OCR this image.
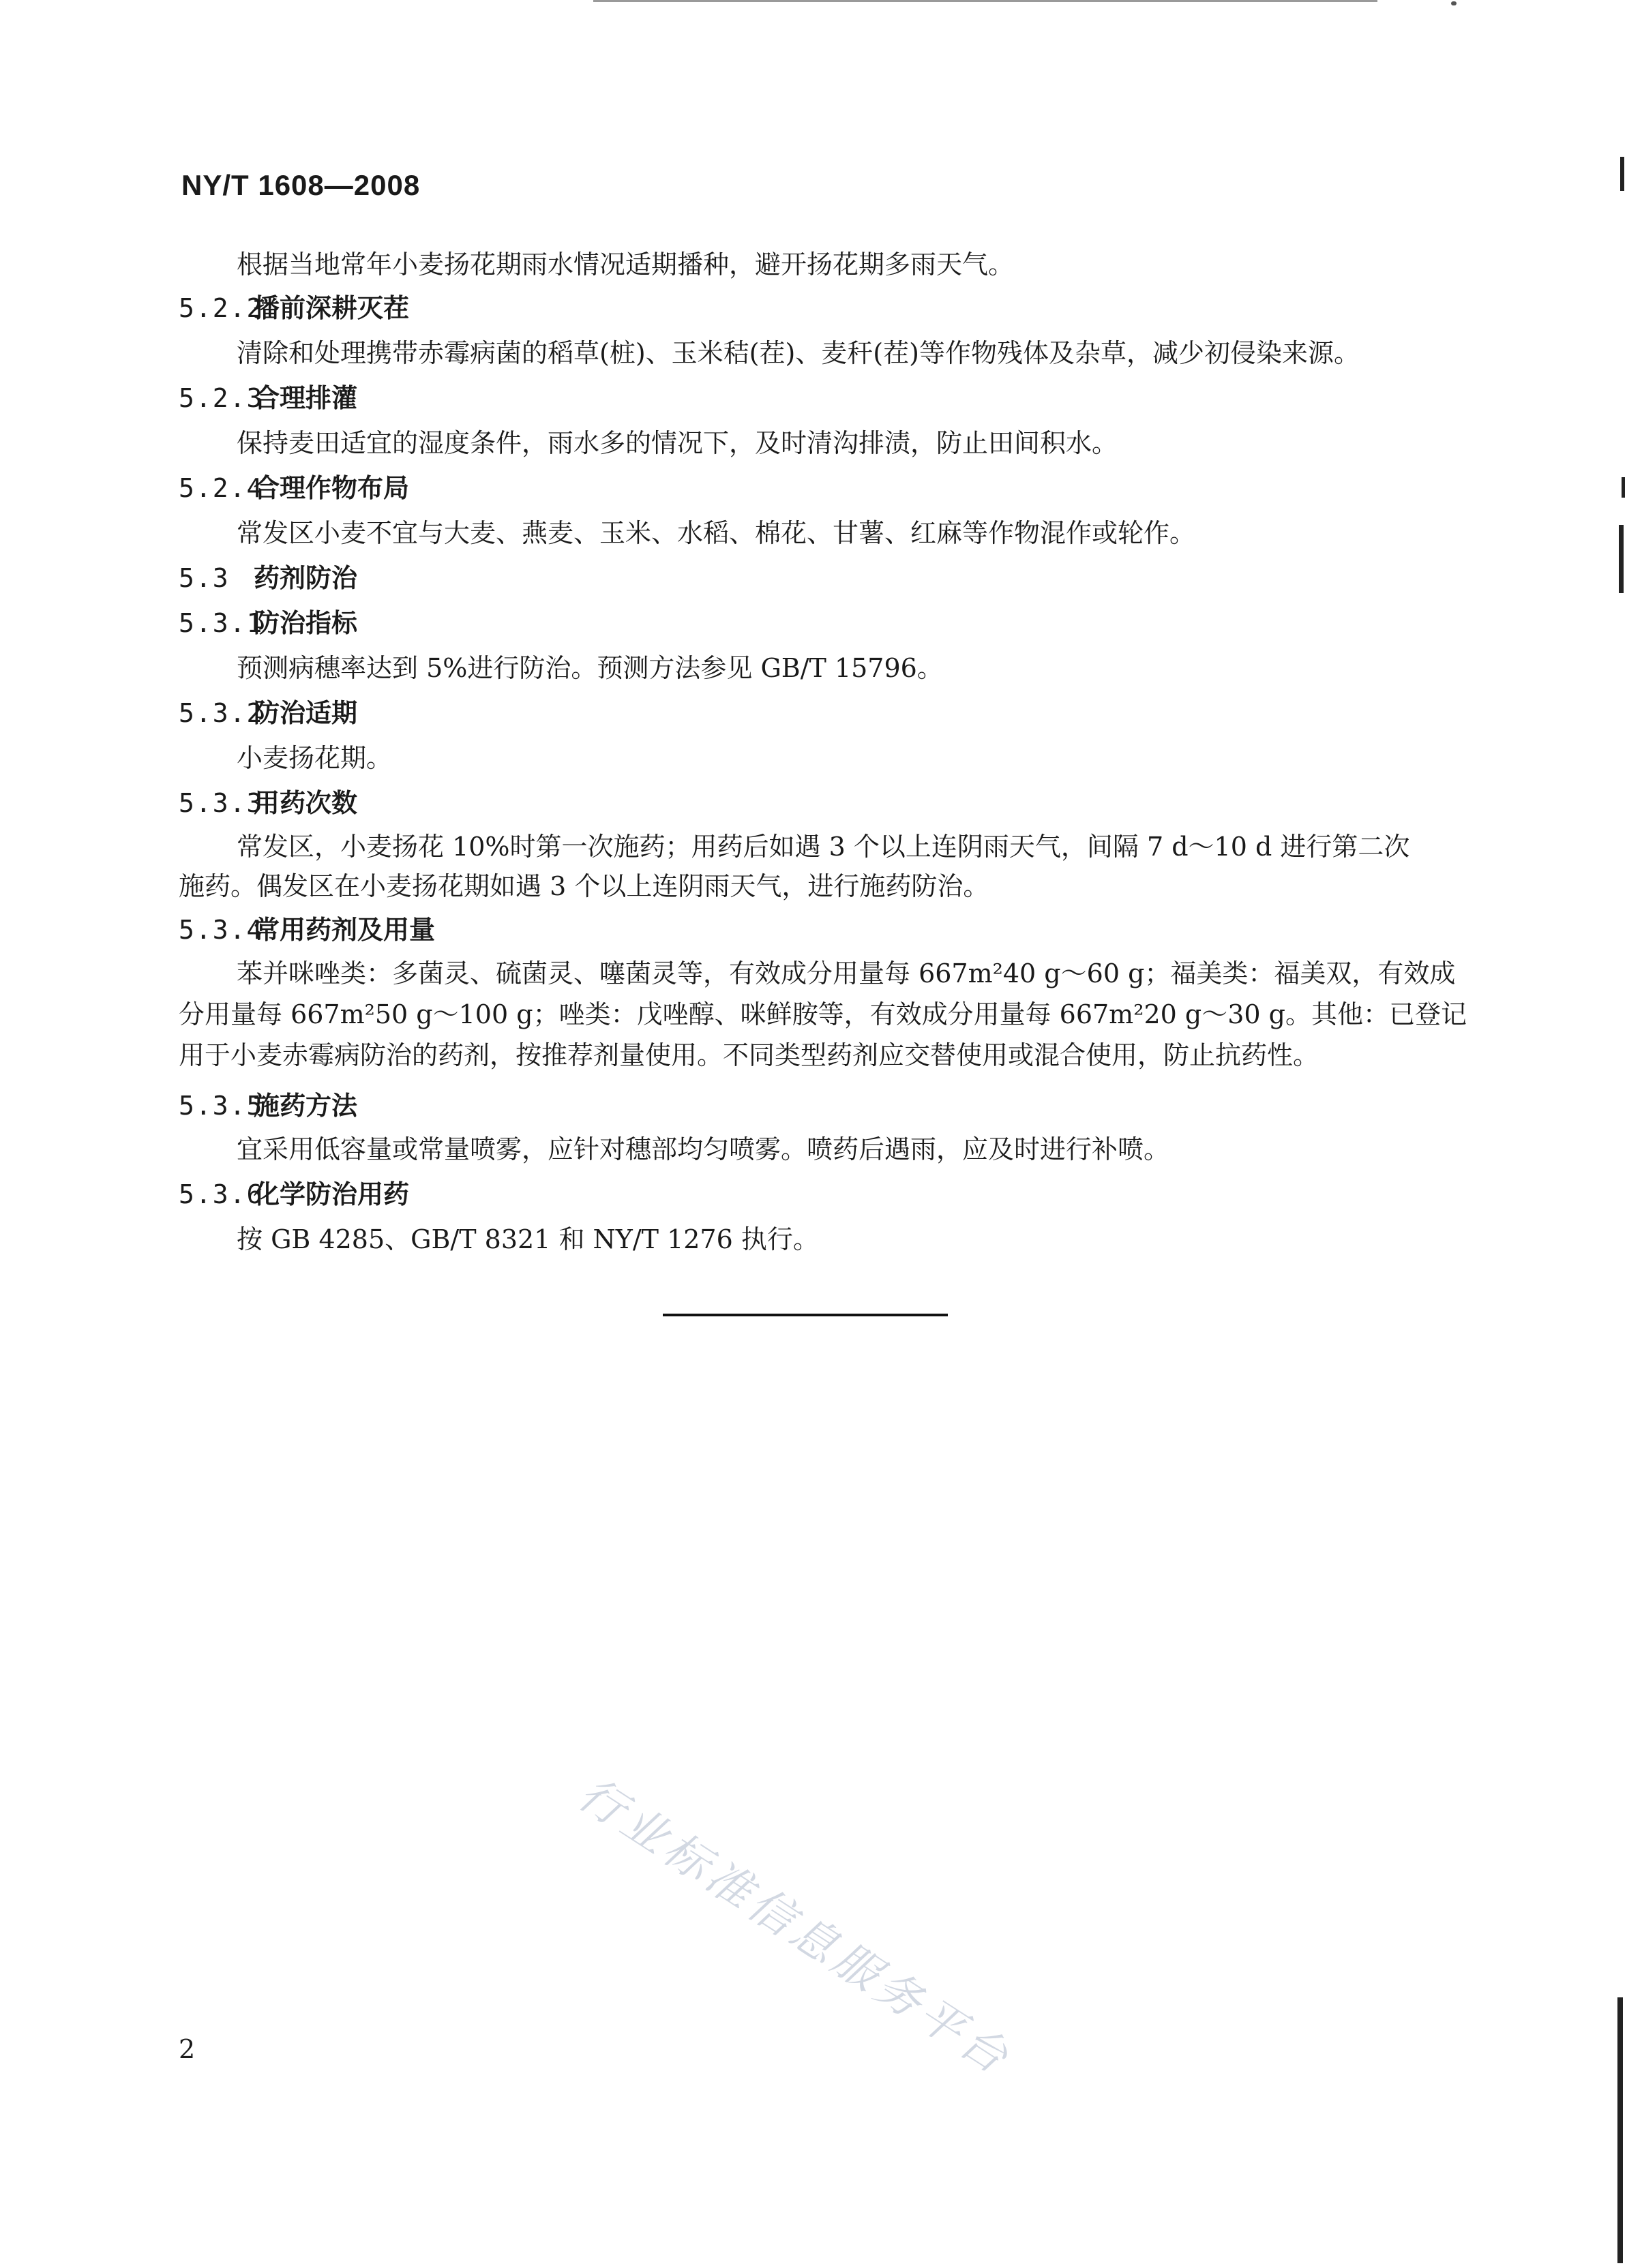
NY/T 1608—2008
根据当地常年小麦扬花期雨水情况适期播种，避开扬花期多雨天气。
5.2.2播前深耕灭茬
清除和处理携带赤霉病菌的稻草(桩)、玉米秸(茬)、麦秆(茬)等作物残体及杂草，减少初侵染来源。
5.2.3合理排灌
保持麦田适宜的湿度条件，雨水多的情况下，及时清沟排渍，防止田间积水。
5.2.4合理作物布局
常发区小麦不宜与大麦、燕麦、玉米、水稻、棉花、甘薯、红麻等作物混作或轮作。
5.3 药剂防治
5.3.1防治指标
预测病穗率达到 5%进行防治。预测方法参见 GB/T 15796。
5.3.2防治适期
小麦扬花期。
5.3.3用药次数
常发区，小麦扬花 10%时第一次施药；用药后如遇 3 个以上连阴雨天气，间隔 7 d～10 d 进行第二次
施药。偶发区在小麦扬花期如遇 3 个以上连阴雨天气，进行施药防治。
5.3.4常用药剂及用量
苯并咪唑类：多菌灵、硫菌灵、噻菌灵等，有效成分用量每 667m²40 g～60 g；福美类：福美双，有效成
分用量每 667m²50 g～100 g；唑类：戊唑醇、咪鲜胺等，有效成分用量每 667m²20 g～30 g。其他：已登记
用于小麦赤霉病防治的药剂，按推荐剂量使用。不同类型药剂应交替使用或混合使用，防止抗药性。
5.3.5施药方法
宜采用低容量或常量喷雾，应针对穗部均匀喷雾。喷药后遇雨，应及时进行补喷。
5.3.6化学防治用药
按 GB 4285、GB/T 8321 和 NY/T 1276 执行。
行业标准信息服务平台
2
